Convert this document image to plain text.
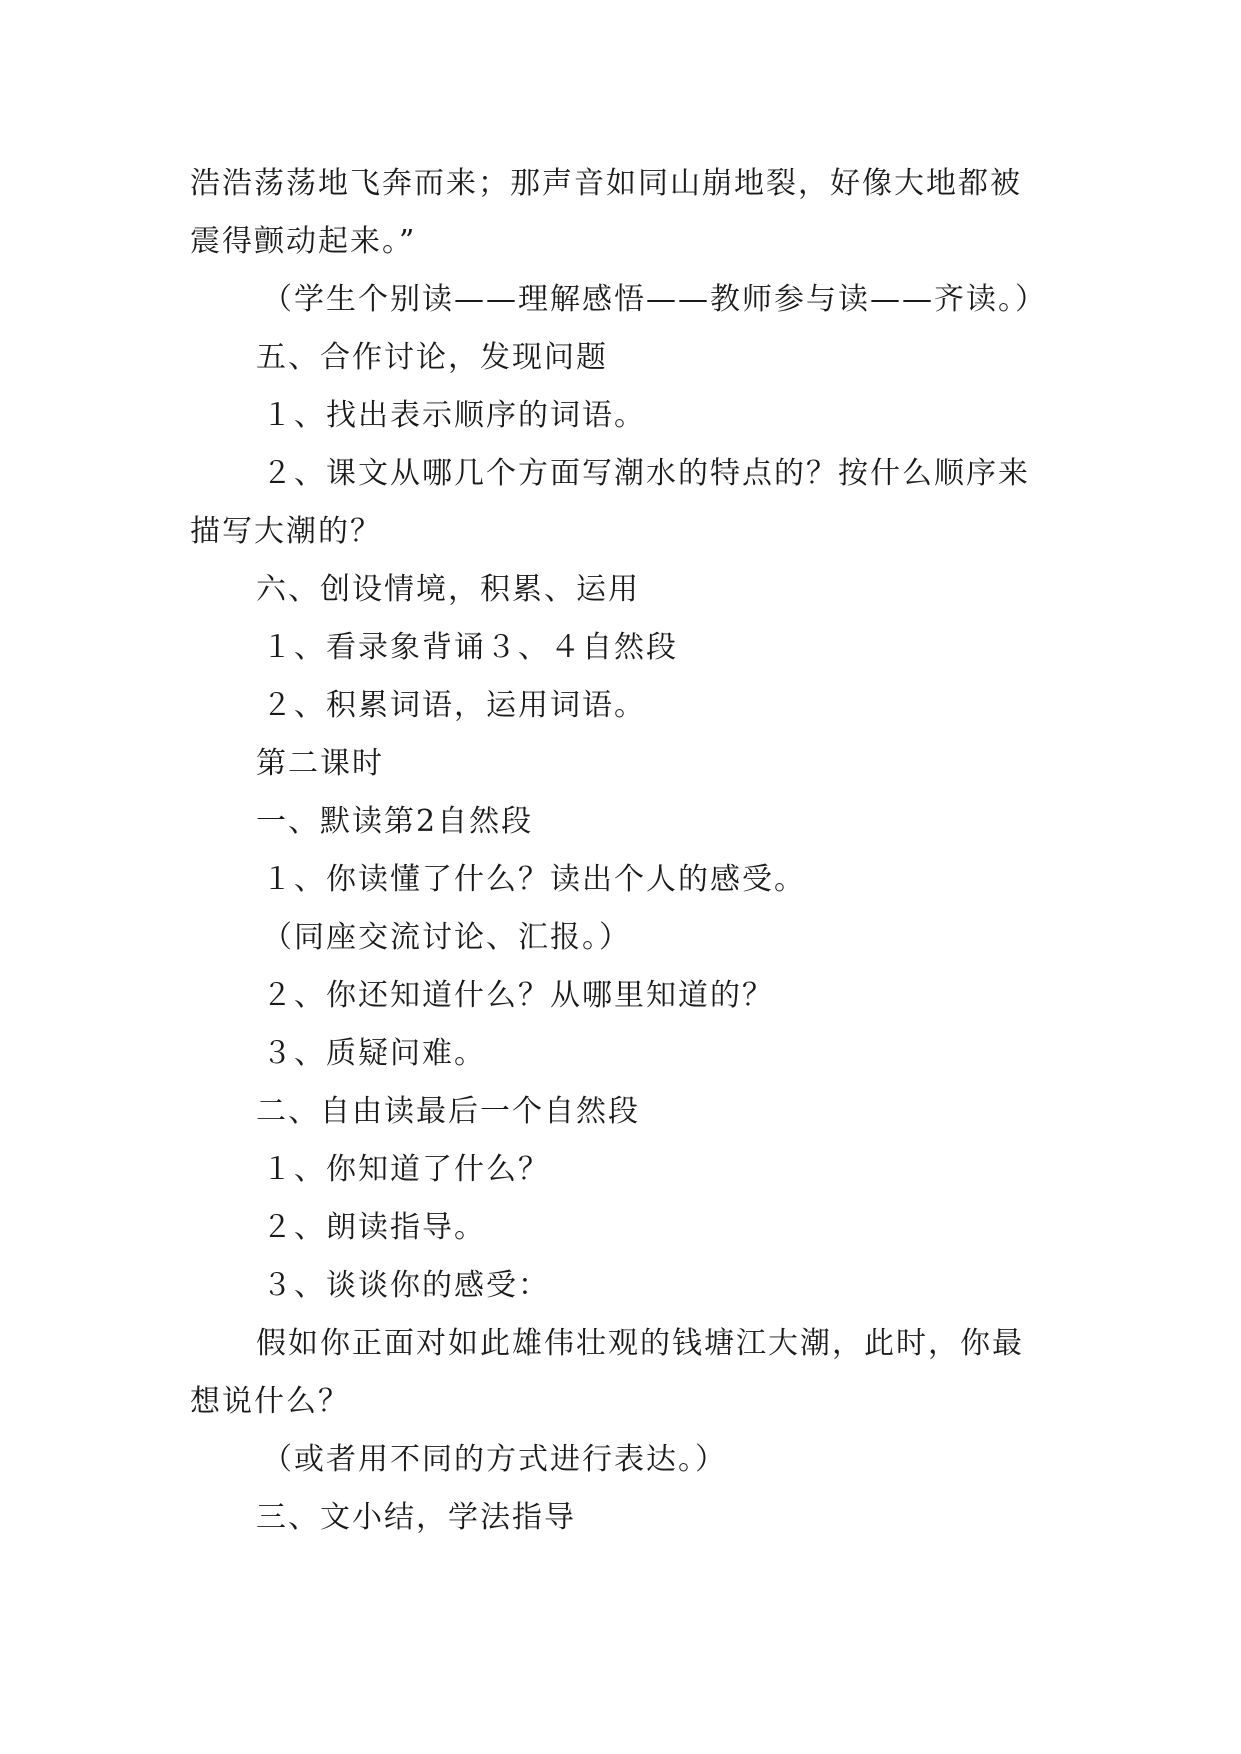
浩浩荡荡地飞奔而来；那声音如同山崩地裂，好像大地都被
震得颤动起来。”
（学生个别读——理解感悟——教师参与读——齐读。）
五、合作讨论，发现问题
１、找出表示顺序的词语。
２、课文从哪几个方面写潮水的特点的？按什么顺序来
描写大潮的？
六、创设情境，积累、运用
１、看录象背诵３、４自然段
２、积累词语，运用词语。
第二课时
一、默读第2自然段
１、你读懂了什么？读出个人的感受。
（同座交流讨论、汇报。）
２、你还知道什么？从哪里知道的？
３、质疑问难。
二、自由读最后一个自然段
１、你知道了什么？
２、朗读指导。
３、谈谈你的感受：
假如你正面对如此雄伟壮观的钱塘江大潮，此时，你最
想说什么？
（或者用不同的方式进行表达。）
三、文小结，学法指导
